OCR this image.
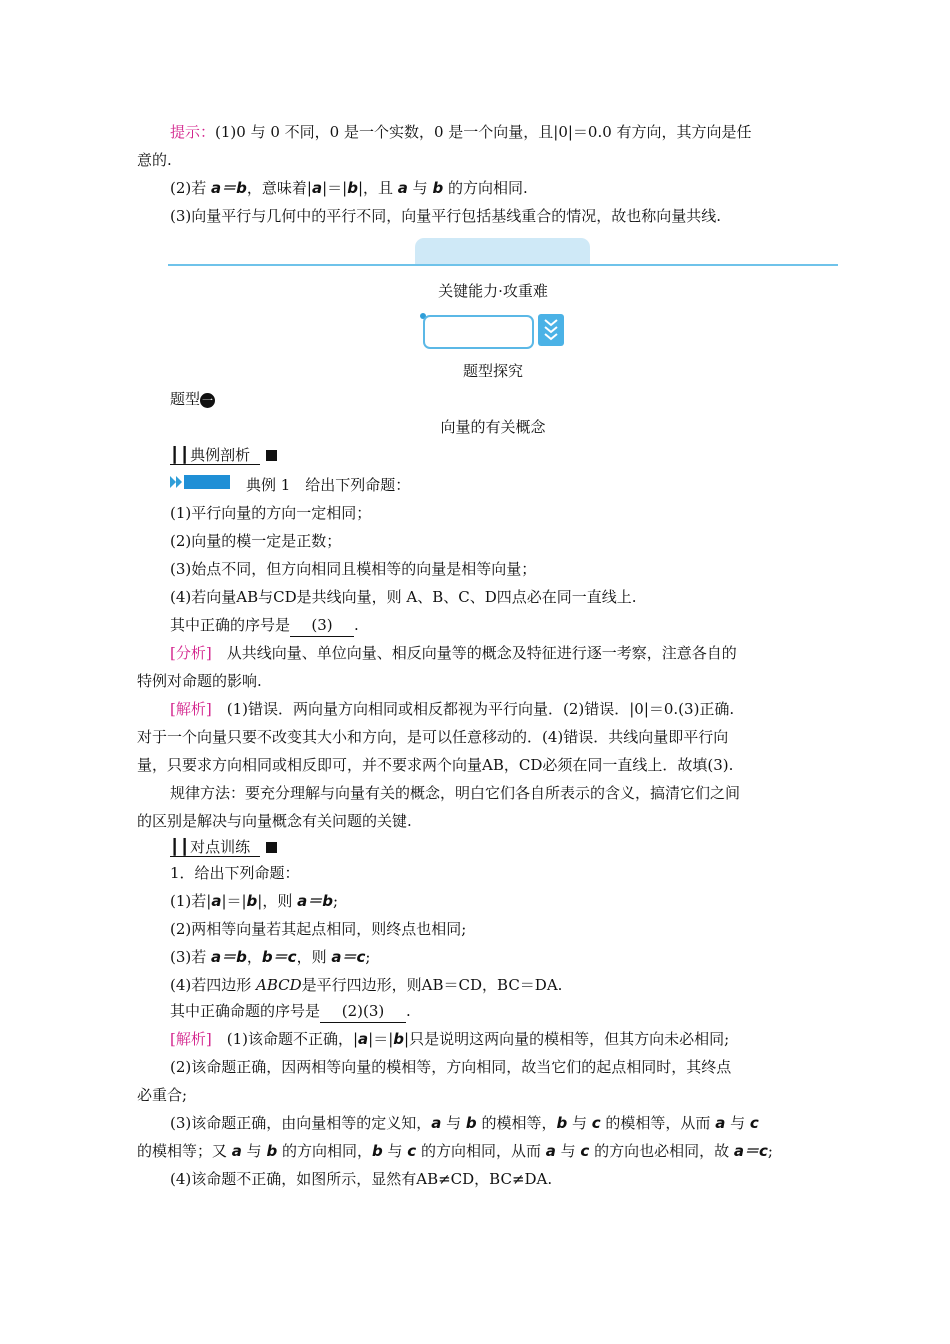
提示：(1)0 与 0 不同，0 是一个实数，0 是一个向量，且|0|＝0.0 有方向，其方向是任
意的.
(2)若 a＝b，意味着|a|＝|b|，且 a 与 b 的方向相同.
(3)向量平行与几何中的平行不同，向量平行包括基线重合的情况，故也称向量共线.
关键能力·攻重难
题型探究
题型 一
向量的有关概念
┃┃典例剖析
典例 1　给出下列命题：
(1)平行向量的方向一定相同；
(2)向量的模一定是正数；
(3)始点不同，但方向相同且模相等的向量是相等向量；
(4)若向量AB与CD是共线向量，则 A、B、C、D四点必在同一直线上.
其中正确的序号是 (3) .
[分析]　从共线向量、单位向量、相反向量等的概念及特征进行逐一考察，注意各自的
特例对命题的影响.
[解析]　(1)错误．两向量方向相同或相反都视为平行向量．(2)错误．|0|＝0.(3)正确.
对于一个向量只要不改变其大小和方向，是可以任意移动的．(4)错误．共线向量即平行向
量，只要求方向相同或相反即可，并不要求两个向量AB，CD必须在同一直线上．故填(3).
规律方法：要充分理解与向量有关的概念，明白它们各自所表示的含义，搞清它们之间
的区别是解决与向量概念有关问题的关键.
┃┃对点训练
1．给出下列命题：
(1)若|a|＝|b|，则 a＝b;
(2)两相等向量若其起点相同，则终点也相同;
(3)若 a＝b，b＝c，则 a＝c;
(4)若四边形 ABCD是平行四边形，则AB＝CD，BC＝DA.
其中正确命题的序号是 (2)(3) .
[解析]　(1)该命题不正确，|a|＝|b|只是说明这两向量的模相等，但其方向未必相同;
(2)该命题正确，因两相等向量的模相等，方向相同，故当它们的起点相同时，其终点
必重合;
(3)该命题正确，由向量相等的定义知，a 与 b 的模相等，b 与 c 的模相等，从而 a 与 c
的模相等；又 a 与 b 的方向相同，b 与 c 的方向相同，从而 a 与 c 的方向也必相同，故 a＝c;
(4)该命题不正确，如图所示，显然有AB≠CD，BC≠DA.
